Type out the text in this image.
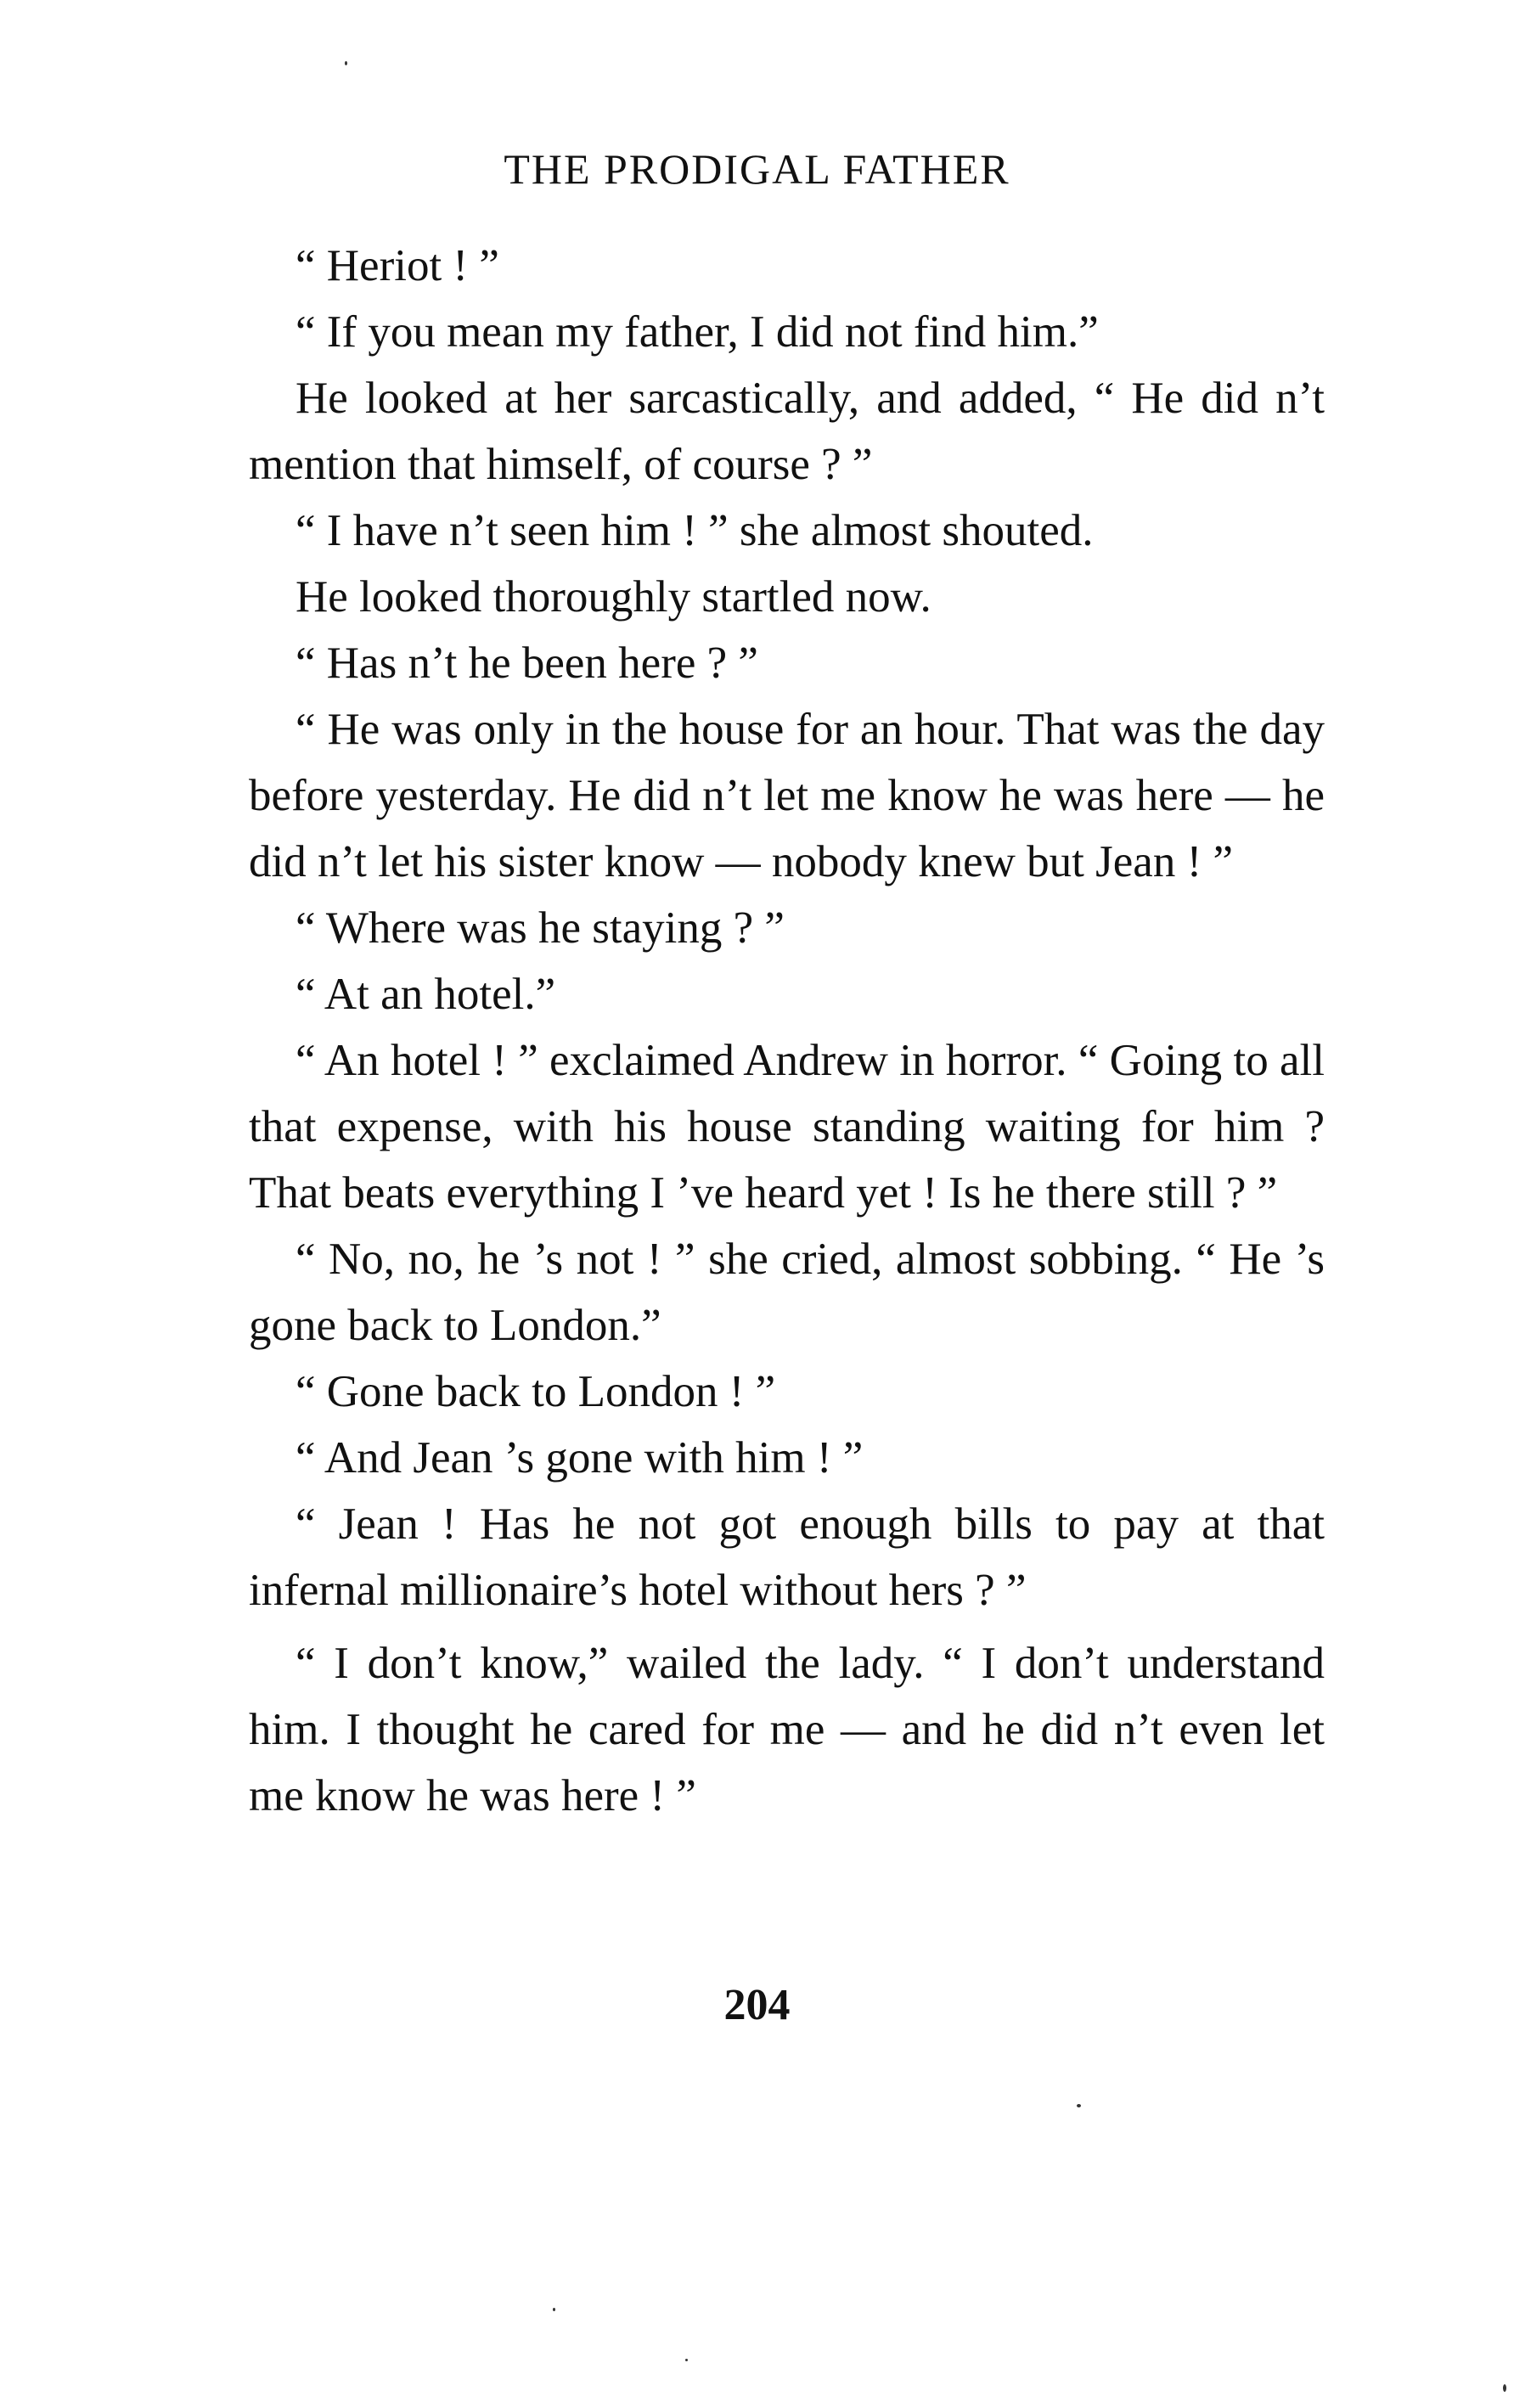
THE PRODIGAL FATHER

“ Heriot ! ”

“ If you mean my father, I did not find him.”

He looked at her sarcastically, and added, “ He did n’t mention that himself, of course ? ”

“ I have n’t seen him ! ” she almost shouted.

He looked thoroughly startled now.

“ Has n’t he been here ? ”

“ He was only in the house for an hour. That was the day before yesterday. He did n’t let me know he was here — he did n’t let his sister know — nobody knew but Jean ! ”

“ Where was he staying ? ”

“ At an hotel.”

“ An hotel ! ” exclaimed Andrew in horror. “ Going to all that expense, with his house standing waiting for him ? That beats everything I ’ve heard yet ! Is he there still ? ”

“ No, no, he ’s not ! ” she cried, almost sobbing. “ He ’s gone back to London.”

“ Gone back to London ! ”

“ And Jean ’s gone with him ! ”

“ Jean ! Has he not got enough bills to pay at that infernal millionaire’s hotel without hers ? ”

“ I don’t know,” wailed the lady. “ I don’t understand him. I thought he cared for me — and he did n’t even let me know he was here ! ”

204
